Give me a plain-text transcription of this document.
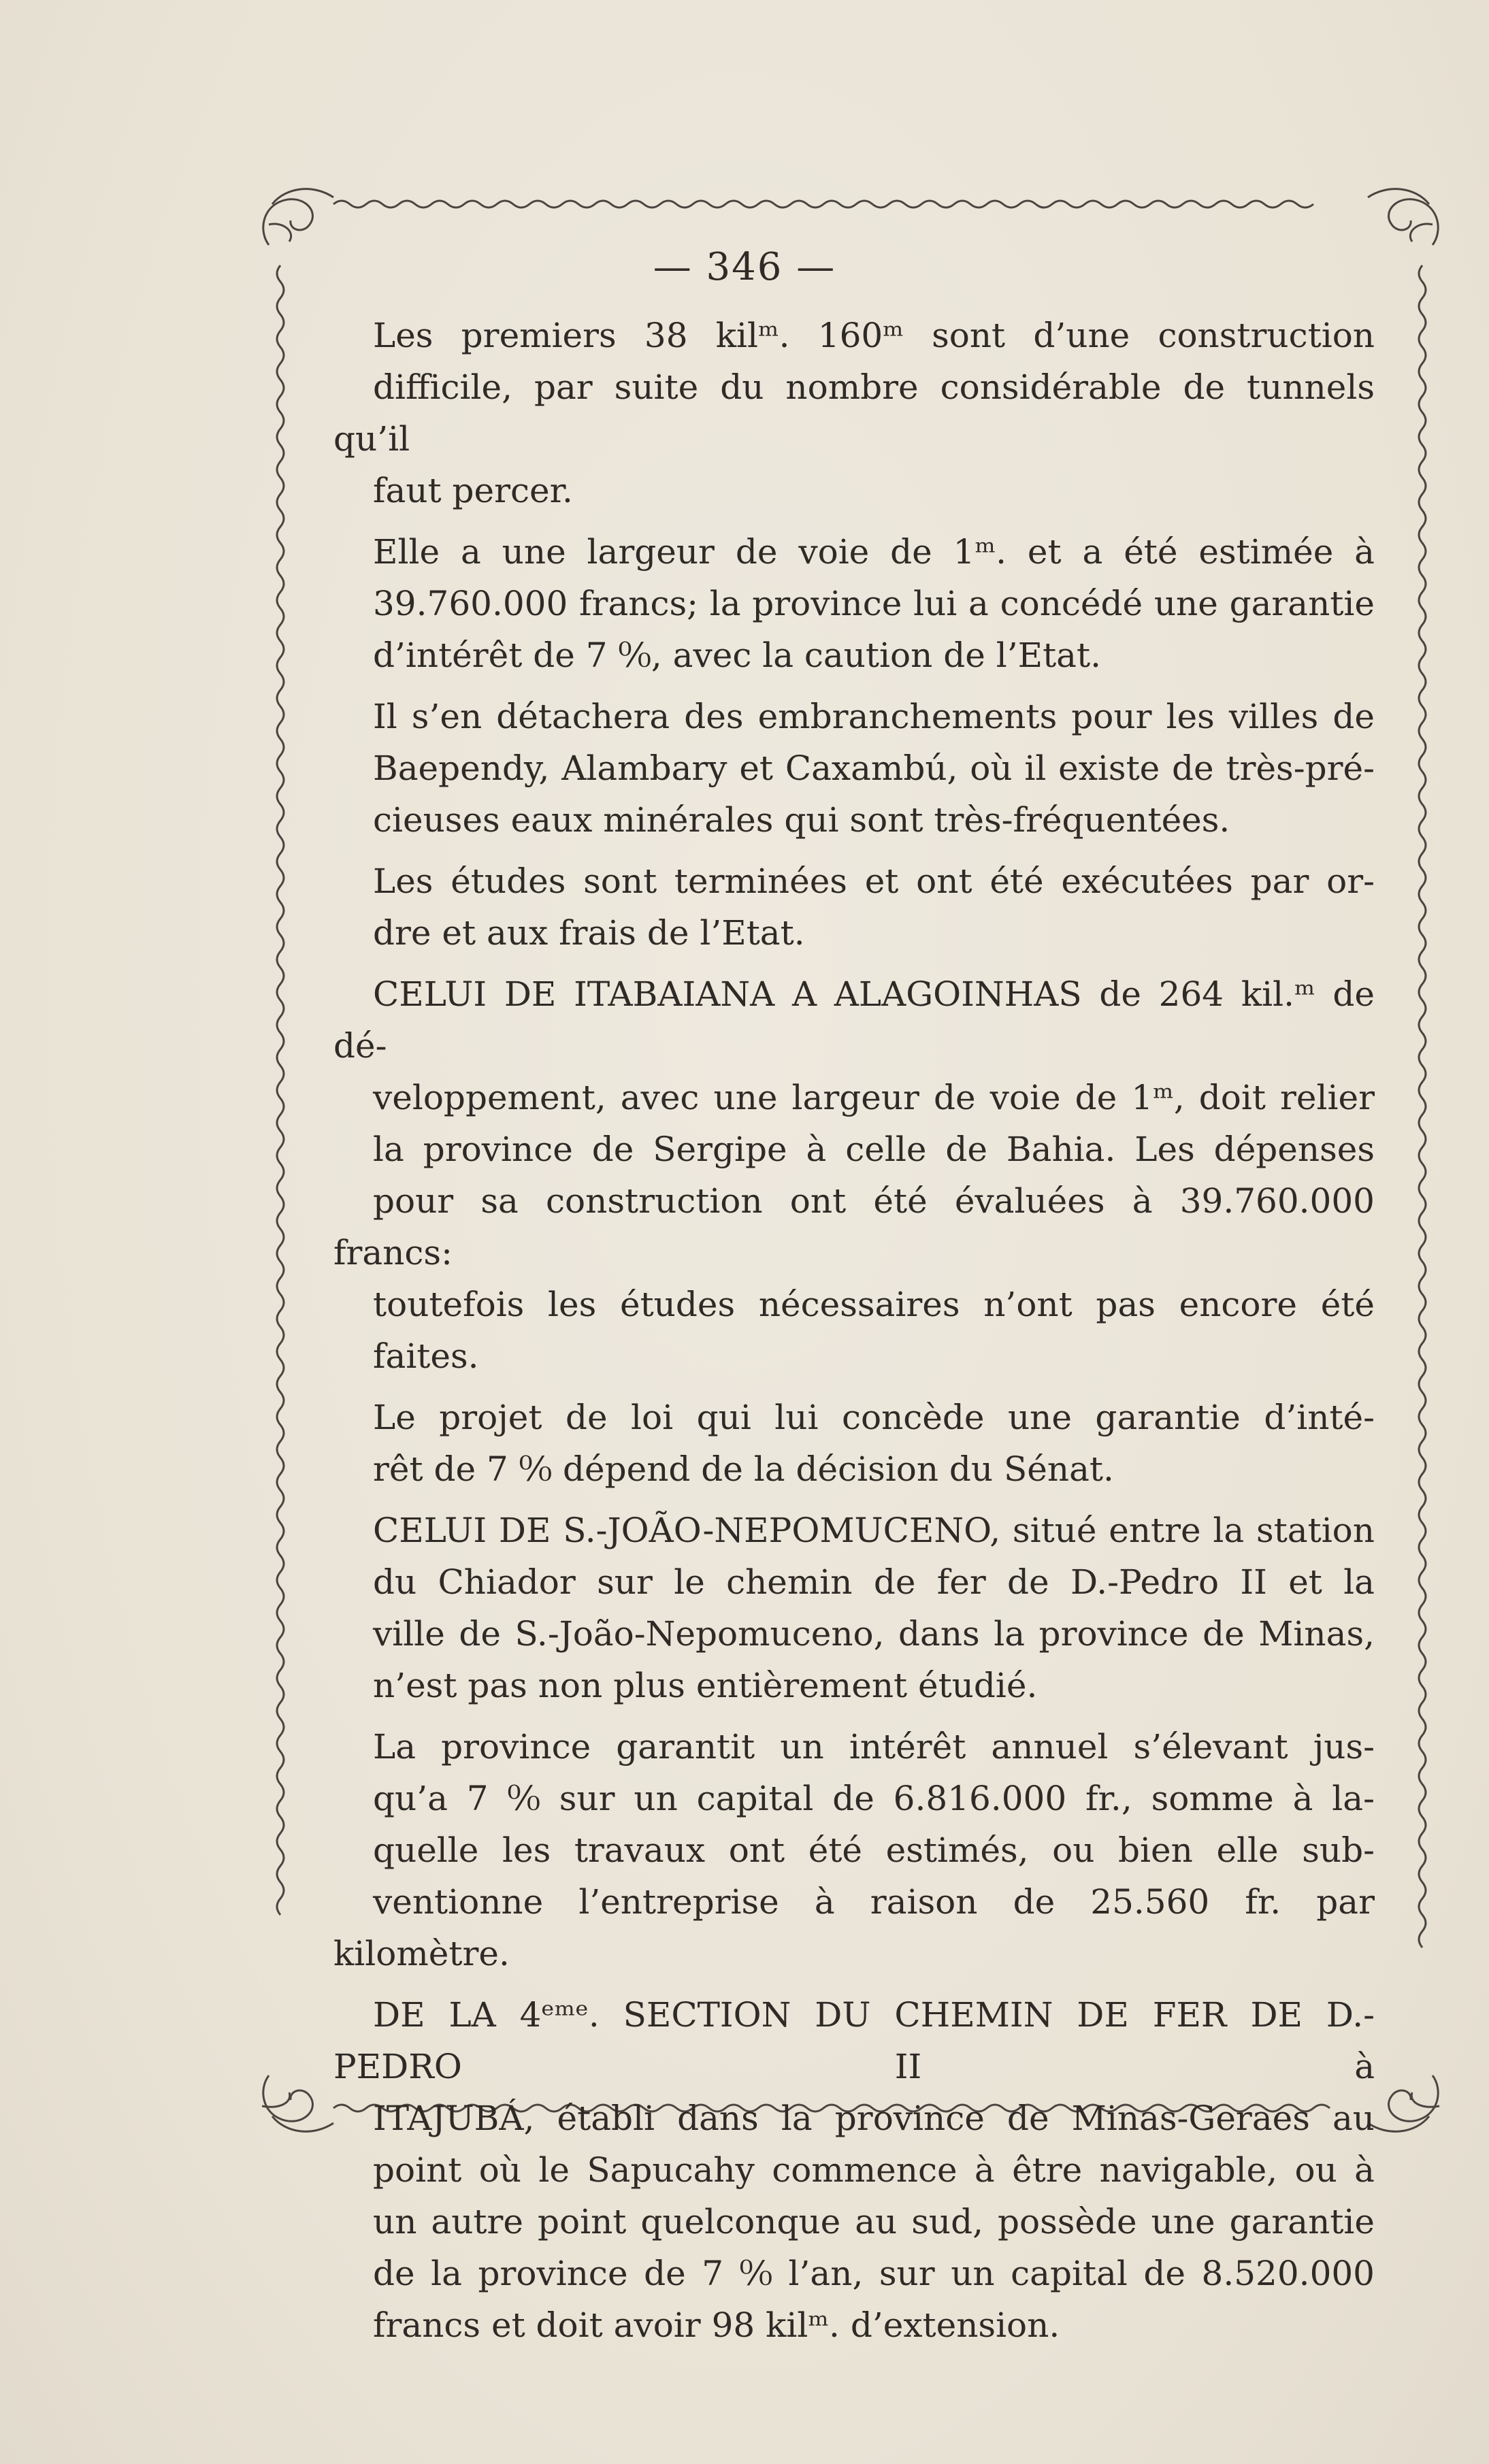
— 346 —

Les premiers 38 kilᵐ. 160ᵐ sont d’une construction
difficile, par suite du nombre considérable de tunnels qu’il
faut percer.

Elle a une largeur de voie de 1ᵐ. et a été estimée à
39.760.000 francs; la province lui a concédé une garantie
d’intérêt de 7 ⁰⁄₀, avec la caution de l’Etat.

Il s’en détachera des embranchements pour les villes de
Baependy, Alambary et Caxambú, où il existe de très-pré-
cieuses eaux minérales qui sont très-fréquentées.

Les études sont terminées et ont été exécutées par or-
dre et aux frais de l’Etat.

CELUI DE ITABAIANA A ALAGOINHAS de 264 kil.ᵐ de dé-
veloppement, avec une largeur de voie de 1ᵐ, doit relier
la province de Sergipe à celle de Bahia. Les dépenses
pour sa construction ont été évaluées à 39.760.000 francs:
toutefois les études nécessaires n’ont pas encore été
faites.

Le projet de loi qui lui concède une garantie d’inté-
rêt de 7 ⁰⁄₀ dépend de la décision du Sénat.

CELUI DE S.-JOÃO-NEPOMUCENO, situé entre la station
du Chiador sur le chemin de fer de D.-Pedro II et la
ville de S.-João-Nepomuceno, dans la province de Minas,
n’est pas non plus entièrement étudié.

La province garantit un intérêt annuel s’élevant jus-
qu’a 7 ⁰⁄₀ sur un capital de 6.816.000 fr., somme à la-
quelle les travaux ont été estimés, ou bien elle sub-
ventionne l’entreprise à raison de 25.560 fr. par kilomètre.

DE LA 4ᵉᵐᵉ. SECTION DU CHEMIN DE FER DE D.-PEDRO II à
ITAJUBÁ, établi dans la province de Minas-Geraes au
point où le Sapucahy commence à être navigable, ou à
un autre point quelconque au sud, possède une garantie
de la province de 7 ⁰⁄₀ l’an, sur un capital de 8.520.000
francs et doit avoir 98 kilᵐ. d’extension.
